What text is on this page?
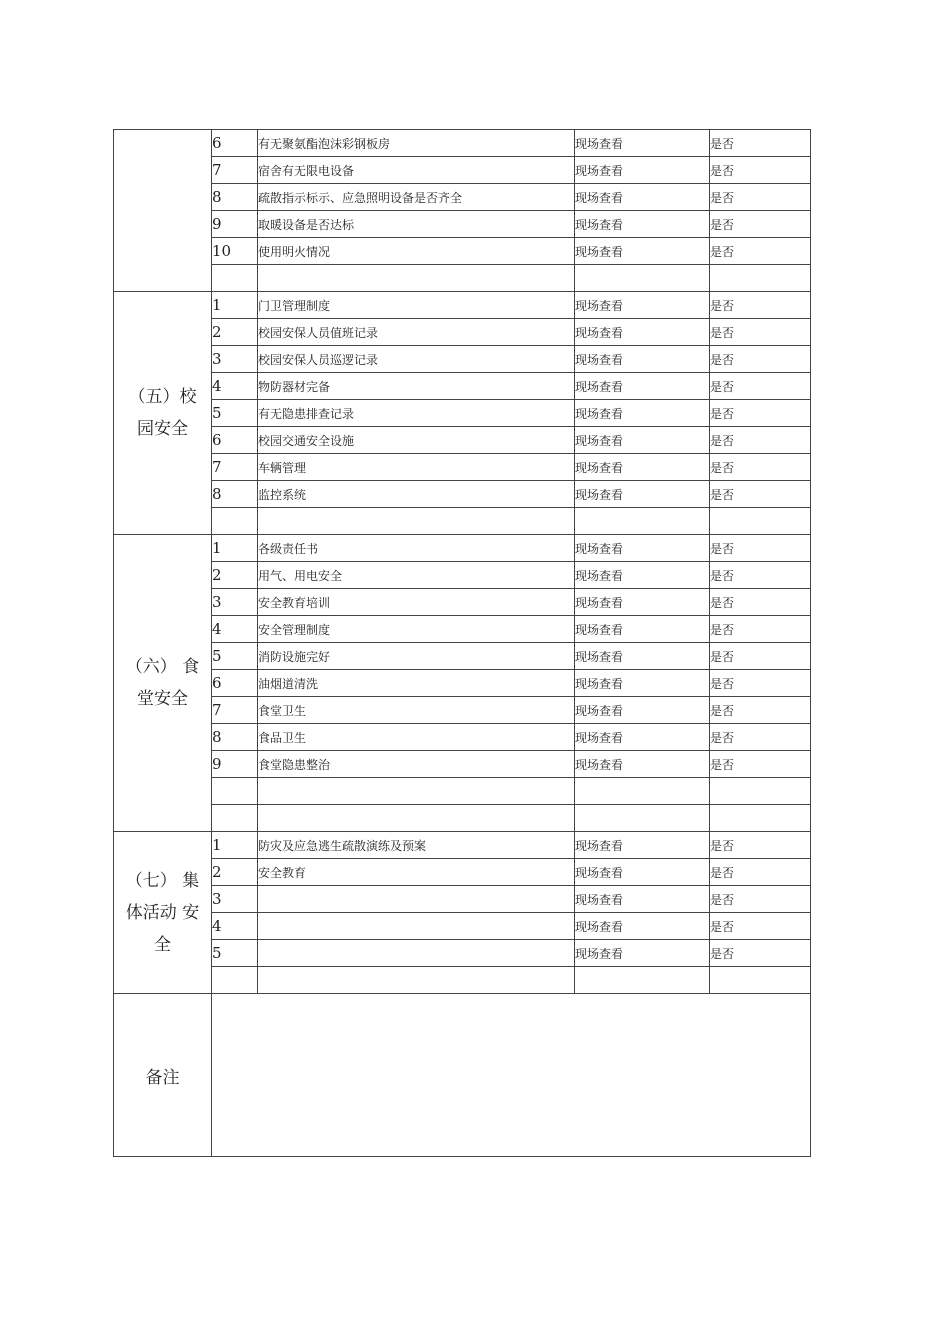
	6	有无聚氨酯泡沫彩钢板房	现场查看	是否
	7	宿舍有无限电设备	现场查看	是否
	8	疏散指示标示、应急照明设备是否齐全	现场查看	是否
	9	取暖设备是否达标	现场查看	是否
	10	使用明火情况	现场查看	是否

（五）校园安全	1	门卫管理制度	现场查看	是否
	2	校园安保人员值班记录	现场查看	是否
	3	校园安保人员巡逻记录	现场查看	是否
	4	物防器材完备	现场查看	是否
	5	有无隐患排查记录	现场查看	是否
	6	校园交通安全设施	现场查看	是否
	7	车辆管理	现场查看	是否
	8	监控系统	现场查看	是否

（六） 食堂安全	1	各级责任书	现场查看	是否
	2	用气、用电安全	现场查看	是否
	3	安全教育培训	现场查看	是否
	4	安全管理制度	现场查看	是否
	5	消防设施完好	现场查看	是否
	6	油烟道清洗	现场查看	是否
	7	食堂卫生	现场查看	是否
	8	食品卫生	现场查看	是否
	9	食堂隐患整治	现场查看	是否

（七） 集体活动 安全	1	防灾及应急逃生疏散演练及预案	现场查看	是否
	2	安全教育	现场查看	是否
	3		现场查看	是否
	4		现场查看	是否
	5		现场查看	是否

备注				
